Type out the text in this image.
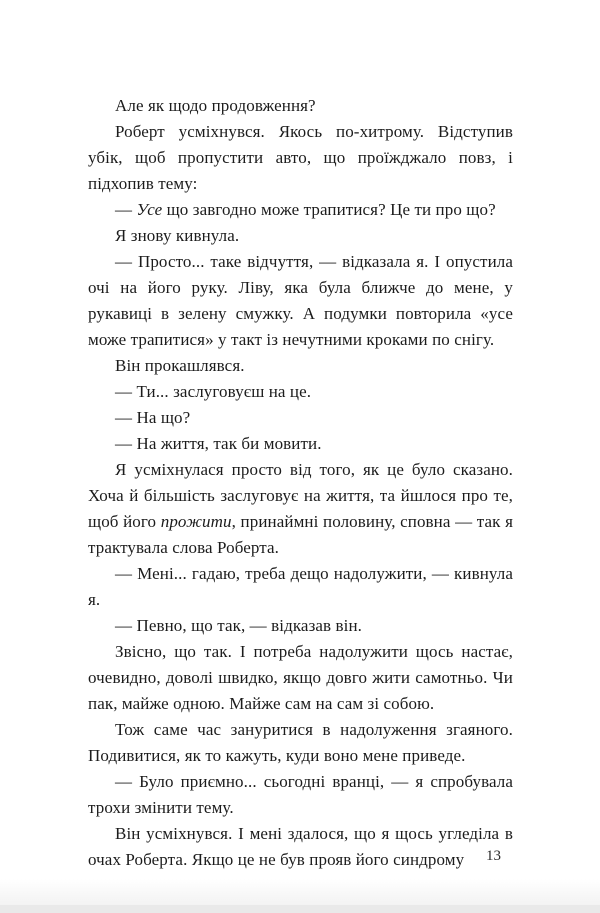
Але як щодо продовження?

Роберт усміхнувся. Якось по-хитрому. Відступив убік, щоб пропустити авто, що проїжджало повз, і підхопив тему:

— Усе що завгодно може трапитися? Це ти про що?

Я знову кивнула.

— Просто... таке відчуття, — відказала я. І опустила очі на його руку. Ліву, яка була ближче до мене, у рукавиці в зелену смужку. А подумки повторила «усе може трапитися» у такт із нечутними кроками по снігу.

Він прокашлявся.

— Ти... заслуговуєш на це.

— На що?

— На життя, так би мовити.

Я усміхнулася просто від того, як це було сказано. Хоча й більшість заслуговує на життя, та йшлося про те, щоб його прожити, принаймні половину, сповна — так я трактувала слова Роберта.

— Мені... гадаю, треба дещо надолужити, — кивнула я.

— Певно, що так, — відказав він.

Звісно, що так. І потреба надолужити щось настає, очевидно, доволі швидко, якщо довго жити самотньо. Чи пак, майже одною. Майже сам на сам зі собою.

Тож саме час зануритися в надолуження згаяного. Подивитися, як то кажуть, куди воно мене приведе.

— Було приємно... сьогодні вранці, — я спробувала трохи змінити тему.

Він усміхнувся. І мені здалося, що я щось угледіла в очах Роберта. Якщо це не був прояв його синдрому	13
